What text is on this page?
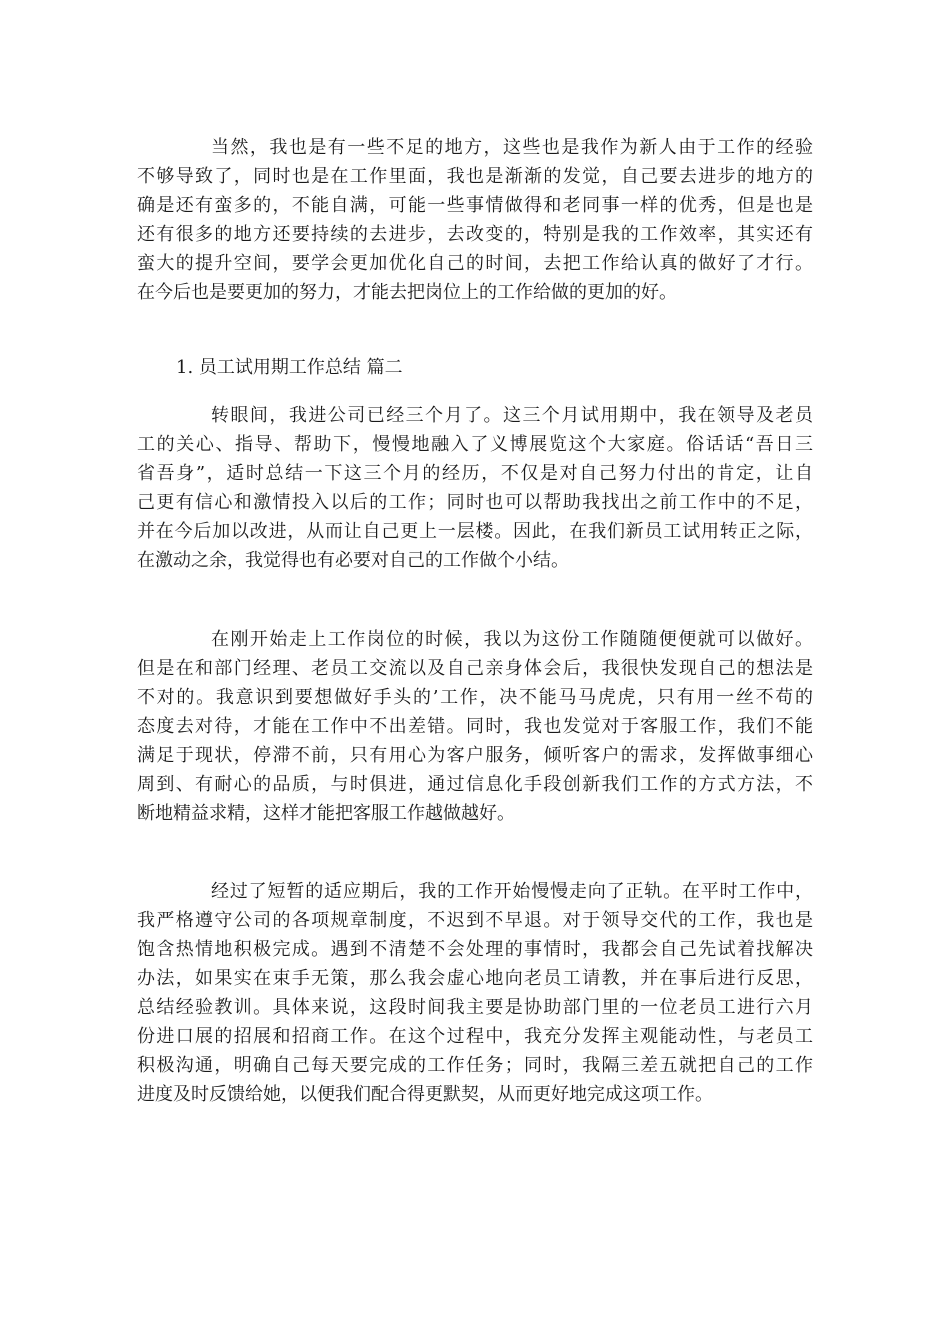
当然，我也是有一些不足的地方，这些也是我作为新人由于工作的经验
不够导致了，同时也是在工作里面，我也是渐渐的发觉，自己要去进步的地方的
确是还有蛮多的，不能自满，可能一些事情做得和老同事一样的优秀，但是也是
还有很多的地方还要持续的去进步，去改变的，特别是我的工作效率，其实还有
蛮大的提升空间，要学会更加优化自己的时间，去把工作给认真的做好了才行。
在今后也是要更加的努力，才能去把岗位上的工作给做的更加的好。
1. 员工试用期工作总结 篇二
转眼间，我进公司已经三个月了。这三个月试用期中，我在领导及老员
工的关心、指导、帮助下，慢慢地融入了义博展览这个大家庭。俗话话“吾日三
省吾身”，适时总结一下这三个月的经历，不仅是对自己努力付出的肯定，让自
己更有信心和激情投入以后的工作；同时也可以帮助我找出之前工作中的不足，
并在今后加以改进，从而让自己更上一层楼。因此，在我们新员工试用转正之际，
在激动之余，我觉得也有必要对自己的工作做个小结。
在刚开始走上工作岗位的时候，我以为这份工作随随便便就可以做好。
但是在和部门经理、老员工交流以及自己亲身体会后，我很快发现自己的想法是
不对的。我意识到要想做好手头的’工作，决不能马马虎虎，只有用一丝不苟的
态度去对待，才能在工作中不出差错。同时，我也发觉对于客服工作，我们不能
满足于现状，停滞不前，只有用心为客户服务，倾听客户的需求，发挥做事细心
周到、有耐心的品质，与时俱进，通过信息化手段创新我们工作的方式方法，不
断地精益求精，这样才能把客服工作越做越好。
经过了短暂的适应期后，我的工作开始慢慢走向了正轨。在平时工作中，
我严格遵守公司的各项规章制度，不迟到不早退。对于领导交代的工作，我也是
饱含热情地积极完成。遇到不清楚不会处理的事情时，我都会自己先试着找解决
办法，如果实在束手无策，那么我会虚心地向老员工请教，并在事后进行反思，
总结经验教训。具体来说，这段时间我主要是协助部门里的一位老员工进行六月
份进口展的招展和招商工作。在这个过程中，我充分发挥主观能动性，与老员工
积极沟通，明确自己每天要完成的工作任务；同时，我隔三差五就把自己的工作
进度及时反馈给她，以便我们配合得更默契，从而更好地完成这项工作。
